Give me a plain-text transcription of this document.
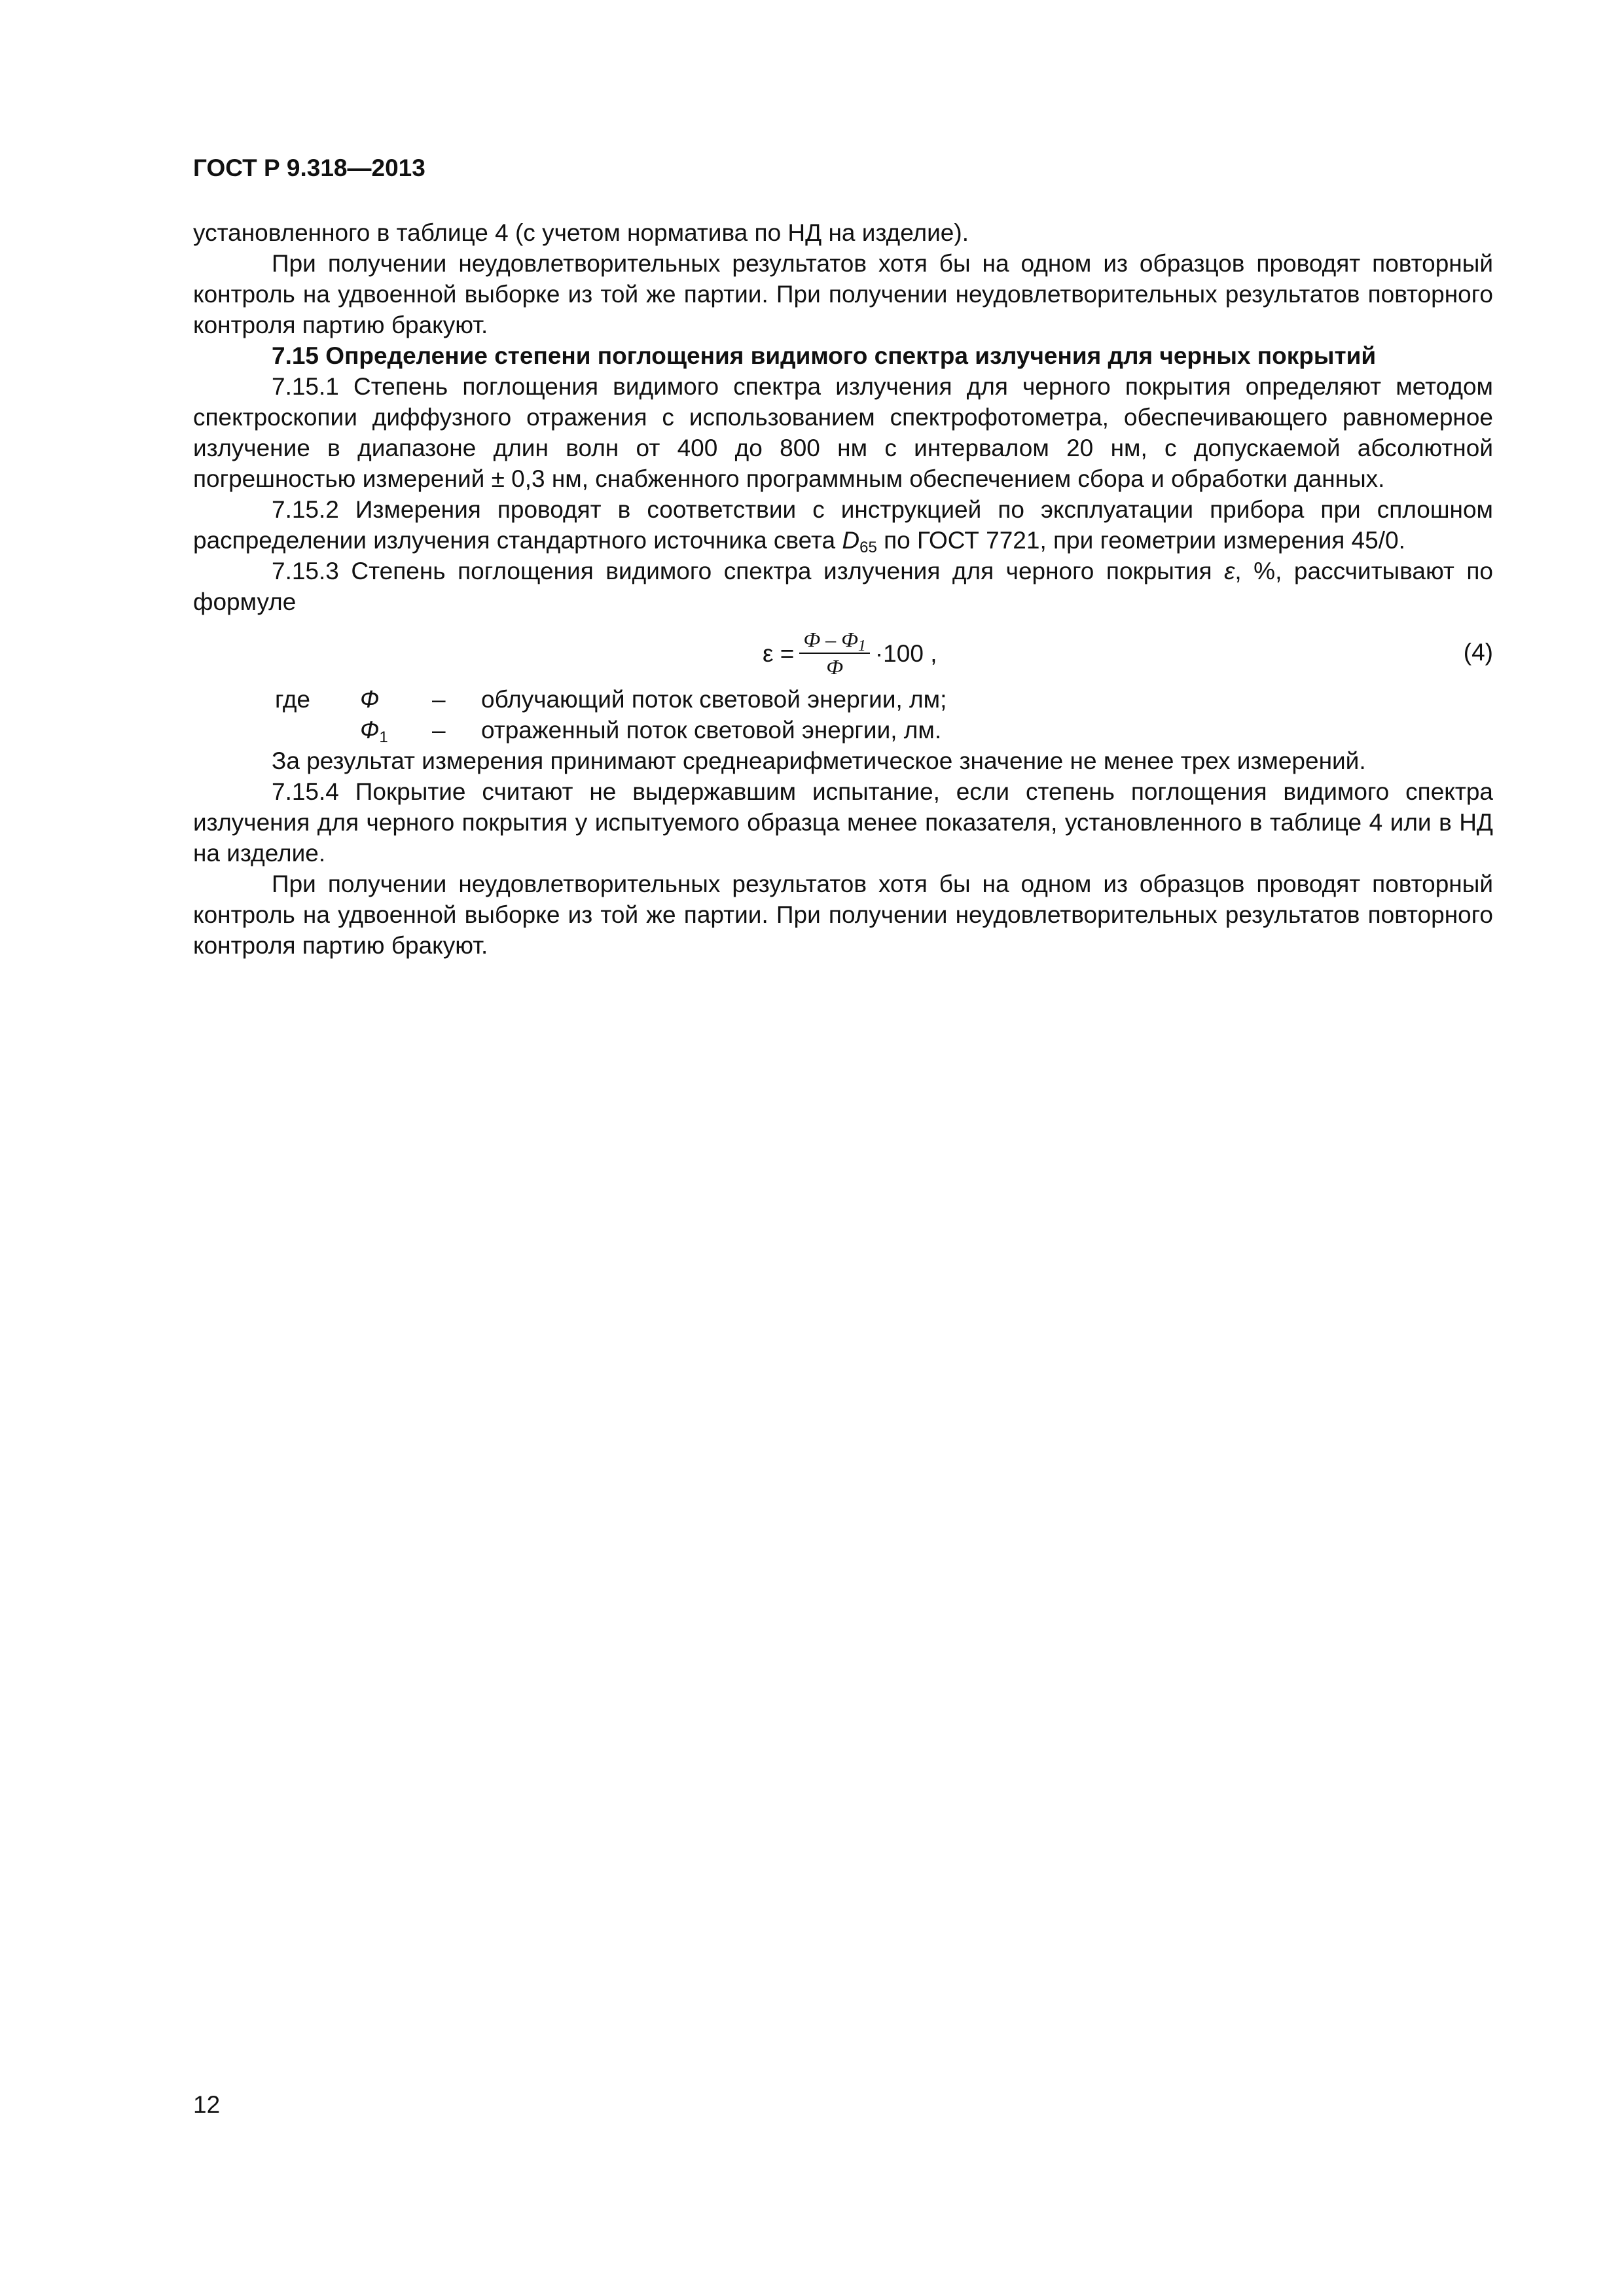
ГОСТ Р 9.318—2013

установленного в таблице 4 (с учетом норматива по НД на изделие).

При получении неудовлетворительных результатов хотя бы на одном из образцов проводят повторный контроль на удвоенной выборке из той же партии. При получении неудовлетворительных результатов повторного контроля партию бракуют.

7.15 Определение степени поглощения видимого спектра излучения для черных покрытий

7.15.1 Степень поглощения видимого спектра излучения для черного покрытия определяют методом спектроскопии диффузного отражения с использованием спектрофотометра, обеспечивающего равномерное излучение в диапазоне длин волн от 400 до 800 нм с интервалом 20 нм, с допускаемой абсолютной погрешностью измерений ± 0,3 нм, снабженного программным обеспечением сбора и обработки данных.

7.15.2 Измерения проводят в соответствии с инструкцией по эксплуатации прибора при сплошном распределении излучения стандартного источника света $D_{65}$ по ГОСТ 7721, при геометрии измерения 45/0.

7.15.3 Степень поглощения видимого спектра излучения для черного покрытия ε, %, рассчитывают по формуле

$\varepsilon = \frac{Ф - Ф_1}{Ф} \cdot 100$ ,	(4)
где Ф – облучающий поток световой энергии, лм;
$Ф_1$ – отраженный поток световой энергии, лм.

За результат измерения принимают среднеарифметическое значение не менее трех измерений.

7.15.4 Покрытие считают не выдержавшим испытание, если степень поглощения видимого спектра излучения для черного покрытия у испытуемого образца менее показателя, установленного в таблице 4 или в НД на изделие.

При получении неудовлетворительных результатов хотя бы на одном из образцов проводят повторный контроль на удвоенной выборке из той же партии. При получении неудовлетворительных результатов повторного контроля партию бракуют.

12
